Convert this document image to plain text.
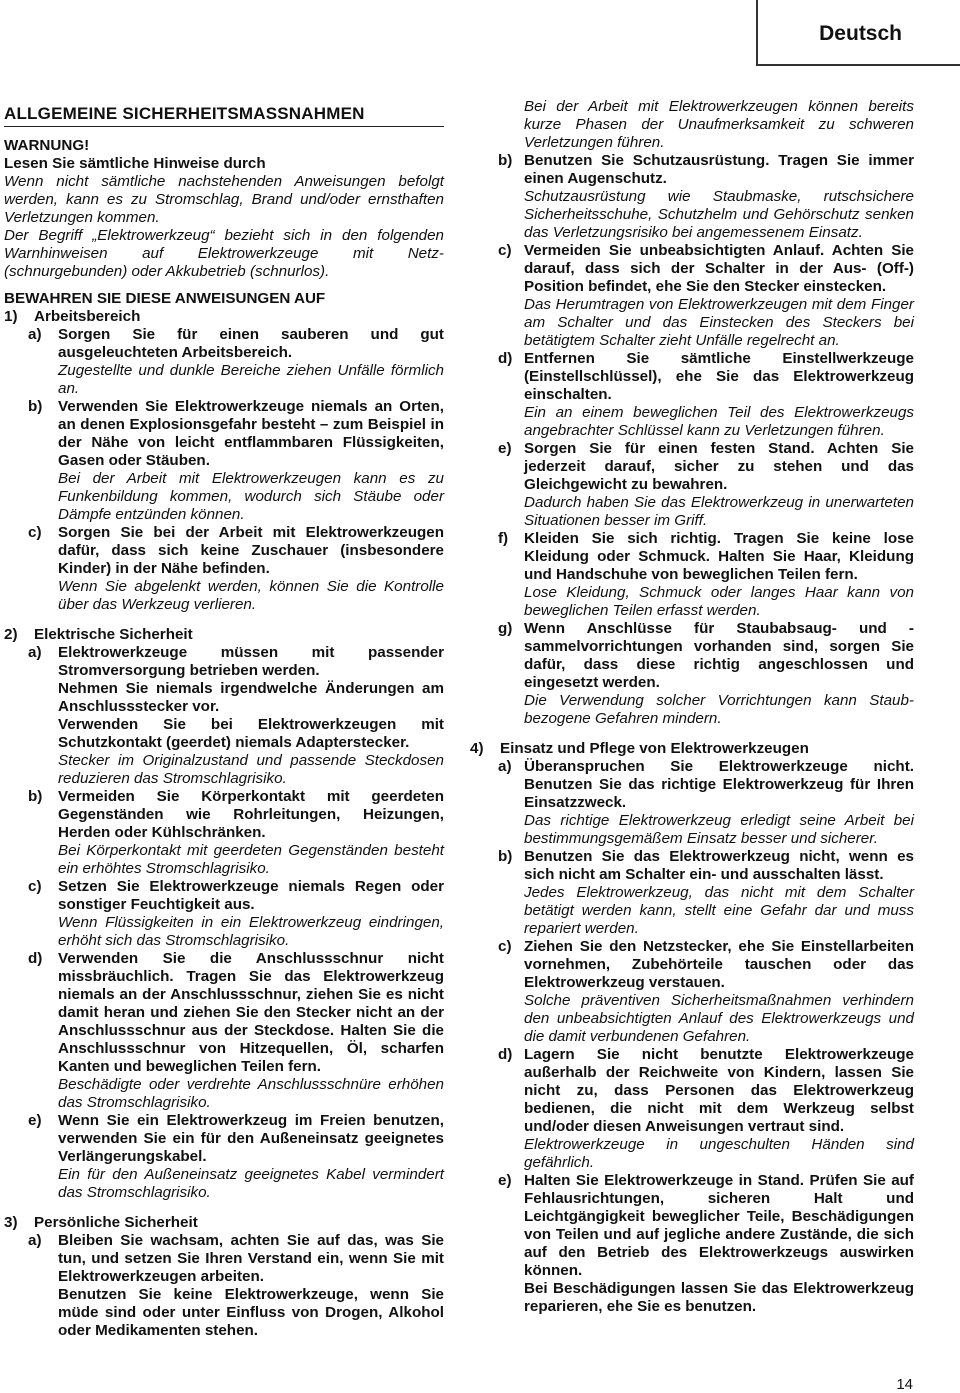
Deutsch
ALLGEMEINE SICHERHEITSMASSNAHMEN

WARNUNG!

Lesen Sie sämtliche Hinweise durch

Wenn nicht sämtliche nachstehenden Anweisungen befolgt werden, kann es zu Stromschlag, Brand und/oder ernsthaften Verletzungen kommen.

Der Begriff „Elektrowerkzeug“ bezieht sich in den folgenden Warnhinweisen auf Elektrowerkzeuge mit Netz-(schnurgebunden) oder Akkubetrieb (schnurlos).

BEWAHREN SIE DIESE ANWEISUNGEN AUF

1) Arbeitsbereich

a) Sorgen Sie für einen sauberen und gut ausgeleuchteten Arbeitsbereich.

Zugestellte und dunkle Bereiche ziehen Unfälle förmlich an.

b) Verwenden Sie Elektrowerkzeuge niemals an Orten, an denen Explosionsgefahr besteht – zum Beispiel in der Nähe von leicht entflammbaren Flüssigkeiten, Gasen oder Stäuben.

Bei der Arbeit mit Elektrowerkzeugen kann es zu Funkenbildung kommen, wodurch sich Stäube oder Dämpfe entzünden können.

c) Sorgen Sie bei der Arbeit mit Elektrowerkzeugen dafür, dass sich keine Zuschauer (insbesondere Kinder) in der Nähe befinden.

Wenn Sie abgelenkt werden, können Sie die Kontrolle über das Werkzeug verlieren.

2) Elektrische Sicherheit

a) Elektrowerkzeuge müssen mit passender Stromversorgung betrieben werden.

Nehmen Sie niemals irgendwelche Änderungen am Anschlussstecker vor.

Verwenden Sie bei Elektrowerkzeugen mit Schutzkontakt (geerdet) niemals Adapterstecker.

Stecker im Originalzustand und passende Steckdosen reduzieren das Stromschlagrisiko.

b) Vermeiden Sie Körperkontakt mit geerdeten Gegenständen wie Rohrleitungen, Heizungen, Herden oder Kühlschränken.

Bei Körperkontakt mit geerdeten Gegenständen besteht ein erhöhtes Stromschlagrisiko.

c) Setzen Sie Elektrowerkzeuge niemals Regen oder sonstiger Feuchtigkeit aus.

Wenn Flüssigkeiten in ein Elektrowerkzeug eindringen, erhöht sich das Stromschlagrisiko.

d) Verwenden Sie die Anschlussschnur nicht missbräuchlich. Tragen Sie das Elektrowerkzeug niemals an der Anschlussschnur, ziehen Sie es nicht damit heran und ziehen Sie den Stecker nicht an der Anschlussschnur aus der Steckdose. Halten Sie die Anschlussschnur von Hitzequellen, Öl, scharfen Kanten und beweglichen Teilen fern.

Beschädigte oder verdrehte Anschlussschnüre erhöhen das Stromschlagrisiko.

e) Wenn Sie ein Elektrowerkzeug im Freien benutzen, verwenden Sie ein für den Außeneinsatz geeignetes Verlängerungskabel.

Ein für den Außeneinsatz geeignetes Kabel vermindert das Stromschlagrisiko.

3) Persönliche Sicherheit

a) Bleiben Sie wachsam, achten Sie auf das, was Sie tun, und setzen Sie Ihren Verstand ein, wenn Sie mit Elektrowerkzeugen arbeiten.

Benutzen Sie keine Elektrowerkzeuge, wenn Sie müde sind oder unter Einfluss von Drogen, Alkohol oder Medikamenten stehen.

Bei der Arbeit mit Elektrowerkzeugen können bereits kurze Phasen der Unaufmerksamkeit zu schweren Verletzungen führen.

b) Benutzen Sie Schutzausrüstung. Tragen Sie immer einen Augenschutz.

Schutzausrüstung wie Staubmaske, rutschsichere Sicherheitsschuhe, Schutzhelm und Gehörschutz senken das Verletzungsrisiko bei angemessenem Einsatz.

c) Vermeiden Sie unbeabsichtigten Anlauf. Achten Sie darauf, dass sich der Schalter in der Aus- (Off-) Position befindet, ehe Sie den Stecker einstecken.

Das Herumtragen von Elektrowerkzeugen mit dem Finger am Schalter und das Einstecken des Steckers bei betätigtem Schalter zieht Unfälle regelrecht an.

d) Entfernen Sie sämtliche Einstellwerkzeuge (Einstellschlüssel), ehe Sie das Elektrowerkzeug einschalten.

Ein an einem beweglichen Teil des Elektrowerkzeugs angebrachter Schlüssel kann zu Verletzungen führen.

e) Sorgen Sie für einen festen Stand. Achten Sie jederzeit darauf, sicher zu stehen und das Gleichgewicht zu bewahren.

Dadurch haben Sie das Elektrowerkzeug in unerwarteten Situationen besser im Griff.

f) Kleiden Sie sich richtig. Tragen Sie keine lose Kleidung oder Schmuck. Halten Sie Haar, Kleidung und Handschuhe von beweglichen Teilen fern.

Lose Kleidung, Schmuck oder langes Haar kann von beweglichen Teilen erfasst werden.

g) Wenn Anschlüsse für Staubabsaug- und -sammelvorrichtungen vorhanden sind, sorgen Sie dafür, dass diese richtig angeschlossen und eingesetzt werden.

Die Verwendung solcher Vorrichtungen kann Staub-bezogene Gefahren mindern.

4) Einsatz und Pflege von Elektrowerkzeugen

a) Überanspruchen Sie Elektrowerkzeuge nicht. Benutzen Sie das richtige Elektrowerkzeug für Ihren Einsatzzweck.

Das richtige Elektrowerkzeug erledigt seine Arbeit bei bestimmungsgemäßem Einsatz besser und sicherer.

b) Benutzen Sie das Elektrowerkzeug nicht, wenn es sich nicht am Schalter ein- und ausschalten lässt.

Jedes Elektrowerkzeug, das nicht mit dem Schalter betätigt werden kann, stellt eine Gefahr dar und muss repariert werden.

c) Ziehen Sie den Netzstecker, ehe Sie Einstellarbeiten vornehmen, Zubehörteile tauschen oder das Elektrowerkzeug verstauen.

Solche präventiven Sicherheitsmaßnahmen verhindern den unbeabsichtigten Anlauf des Elektrowerkzeugs und die damit verbundenen Gefahren.

d) Lagern Sie nicht benutzte Elektrowerkzeuge außerhalb der Reichweite von Kindern, lassen Sie nicht zu, dass Personen das Elektrowerkzeug bedienen, die nicht mit dem Werkzeug selbst und/oder diesen Anweisungen vertraut sind.

Elektrowerkzeuge in ungeschulten Händen sind gefährlich.

e) Halten Sie Elektrowerkzeuge in Stand. Prüfen Sie auf Fehlausrichtungen, sicheren Halt und Leichtgängigkeit beweglicher Teile, Beschädigungen von Teilen und auf jegliche andere Zustände, die sich auf den Betrieb des Elektrowerkzeugs auswirken können.

Bei Beschädigungen lassen Sie das Elektrowerkzeug reparieren, ehe Sie es benutzen.

14
